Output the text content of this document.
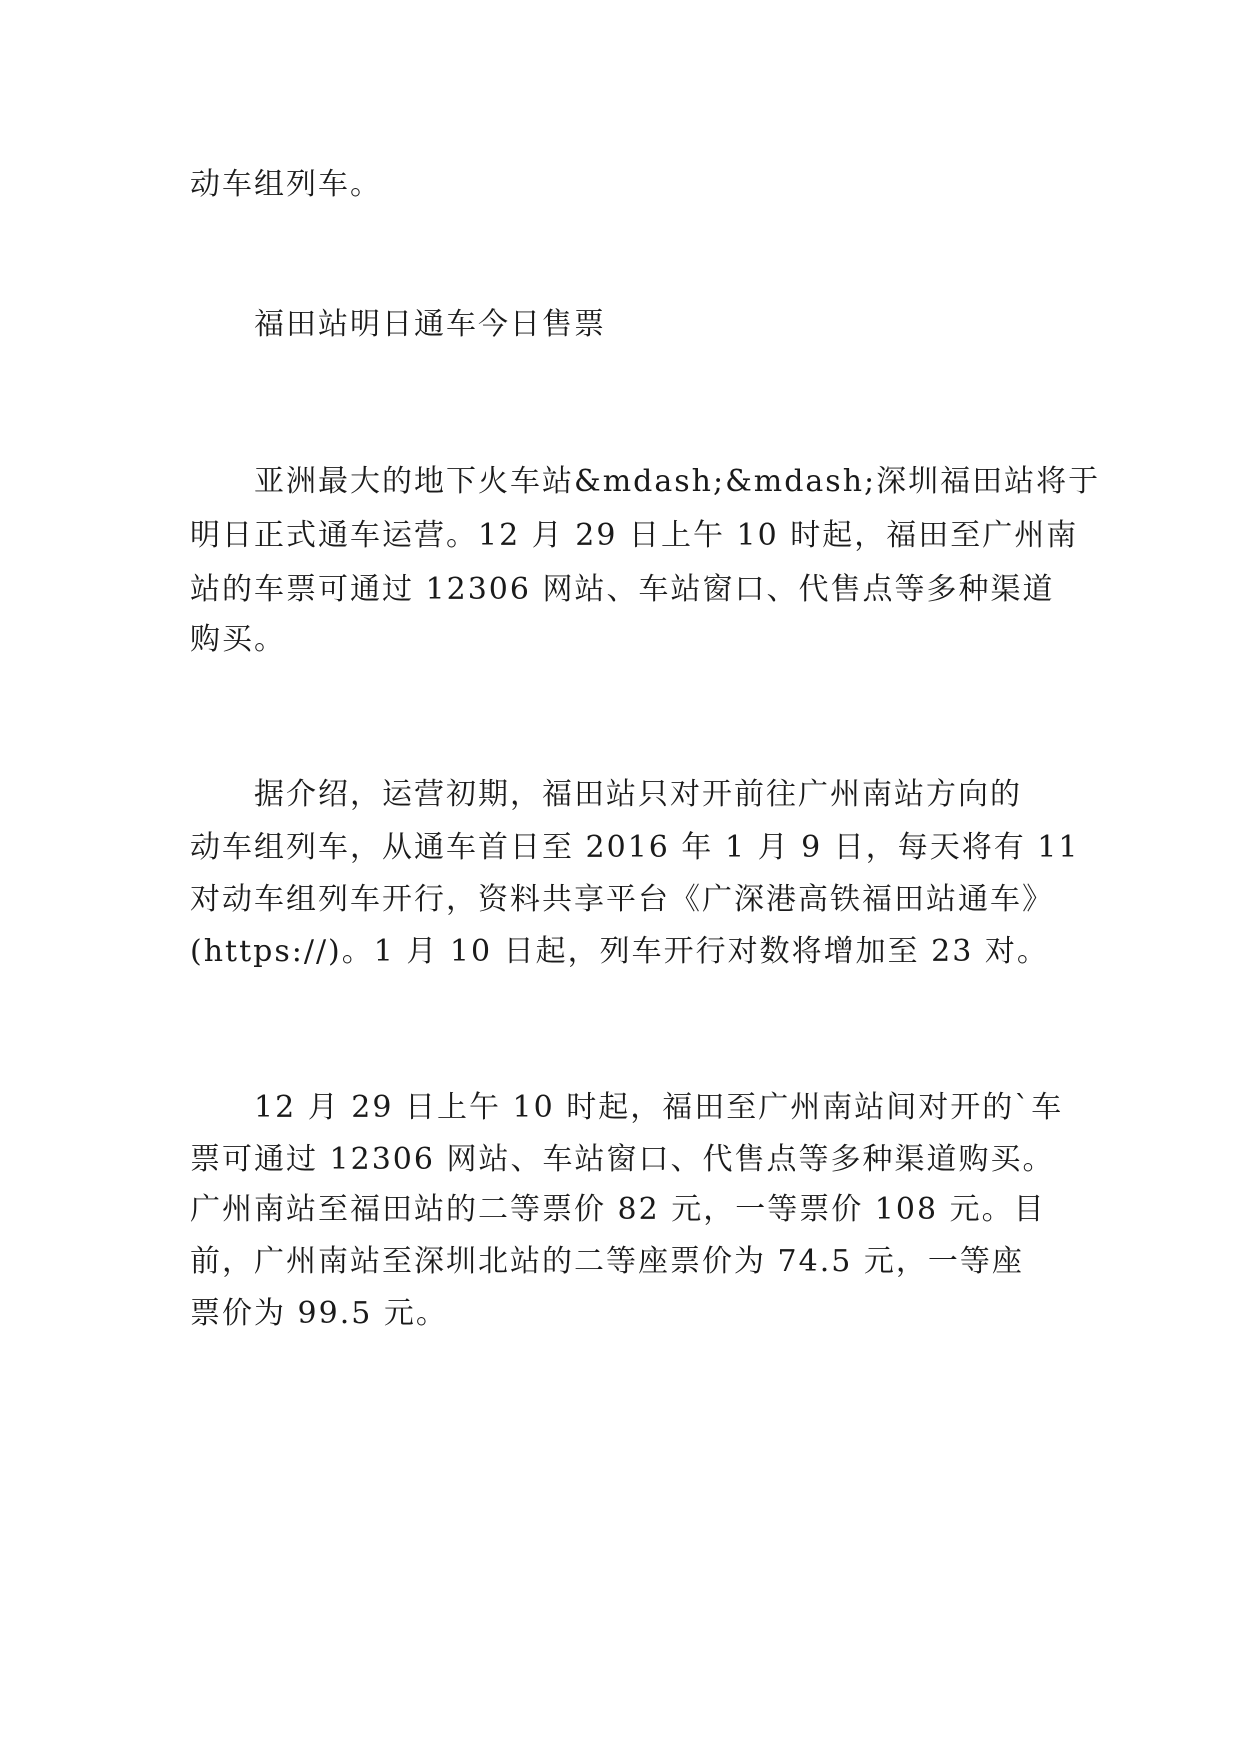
动车组列车。
福田站明日通车今日售票
亚洲最大的地下火车站&mdash;&mdash;深圳福田站将于
明日正式通车运营。12 月 29 日上午 10 时起，福田至广州南
站的车票可通过 12306 网站、车站窗口、代售点等多种渠道
购买。
据介绍，运营初期，福田站只对开前往广州南站方向的
动车组列车，从通车首日至 2016 年 1 月 9 日，每天将有 11
对动车组列车开行，资料共享平台《广深港高铁福田站通车》
(https://)。1 月 10 日起，列车开行对数将增加至 23 对。
12 月 29 日上午 10 时起，福田至广州南站间对开的`车
票可通过 12306 网站、车站窗口、代售点等多种渠道购买。
广州南站至福田站的二等票价 82 元，一等票价 108 元。目
前，广州南站至深圳北站的二等座票价为 74.5 元，一等座
票价为 99.5 元。
